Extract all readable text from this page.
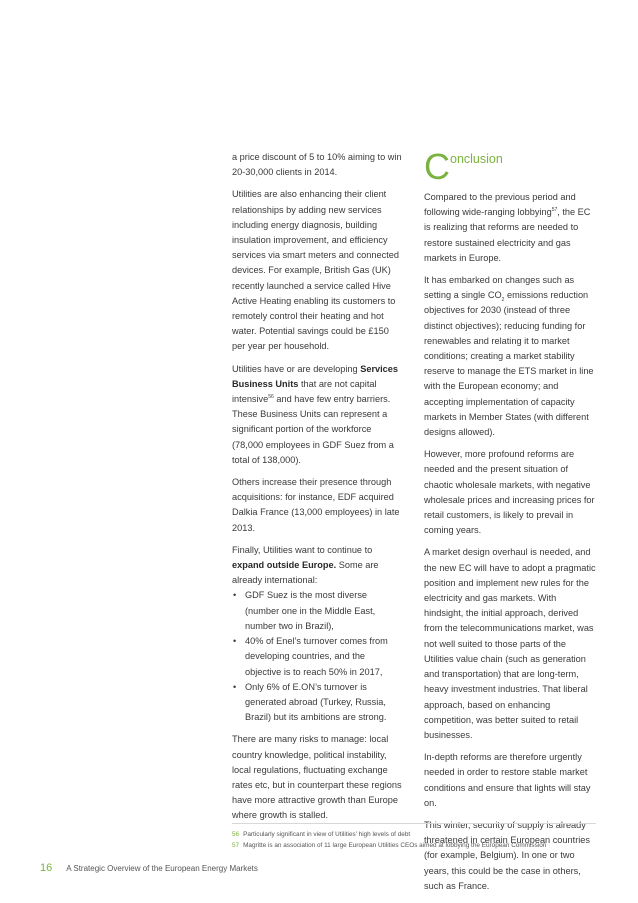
a price discount of 5 to 10% aiming to win 20-30,000 clients in 2014.

Utilities are also enhancing their client relationships by adding new services including energy diagnosis, building insulation improvement, and efficiency services via smart meters and connected devices. For example, British Gas (UK) recently launched a service called Hive Active Heating enabling its customers to remotely control their heating and hot water. Potential savings could be £150 per year per household.

Utilities have or are developing Services Business Units that are not capital intensive$^{56}$ and have few entry barriers. These Business Units can represent a significant portion of the workforce (78,000 employees in GDF Suez from a total of 138,000).

Others increase their presence through acquisitions: for instance, EDF acquired Dalkia France (13,000 employees) in late 2013.

Finally, Utilities want to continue to expand outside Europe. Some are already international:

• GDF Suez is the most diverse (number one in the Middle East, number two in Brazil),
• 40% of Enel’s turnover comes from developing countries, and the objective is to reach 50% in 2017,
• Only 6% of E.ON’s turnover is generated abroad (Turkey, Russia, Brazil) but its ambitions are strong.

There are many risks to manage: local country knowledge, political instability, local regulations, fluctuating exchange rates etc, but in counterpart these regions have more attractive growth than Europe where growth is stalled.

C onclusion

Compared to the previous period and following wide-ranging lobbying$^{57}$, the EC is realizing that reforms are needed to restore sustained electricity and gas markets in Europe.

It has embarked on changes such as setting a single $CO_2$ emissions reduction objectives for 2030 (instead of three distinct objectives); reducing funding for renewables and relating it to market conditions; creating a market stability reserve to manage the ETS market in line with the European economy; and accepting implementation of capacity markets in Member States (with different designs allowed).

However, more profound reforms are needed and the present situation of chaotic wholesale markets, with negative wholesale prices and increasing prices for retail customers, is likely to prevail in coming years.

A market design overhaul is needed, and the new EC will have to adopt a pragmatic position and implement new rules for the electricity and gas markets. With hindsight, the initial approach, derived from the telecommunications market, was not well suited to those parts of the Utilities value chain (such as generation and transportation) that are long-term, heavy investment industries. That liberal approach, based on enhancing competition, was better suited to retail businesses.

In-depth reforms are therefore urgently needed in order to restore stable market conditions and ensure that lights will stay on.

This winter, security of supply is already threatened in certain European countries (for example, Belgium). In one or two years, this could be the case in others, such as France.

56 Particularly significant in view of Utilities’ high levels of debt
57 Magritte is an association of 11 large European Utilities CEOs aimed at lobbying the European Commission
16 A Strategic Overview of the European Energy Markets
